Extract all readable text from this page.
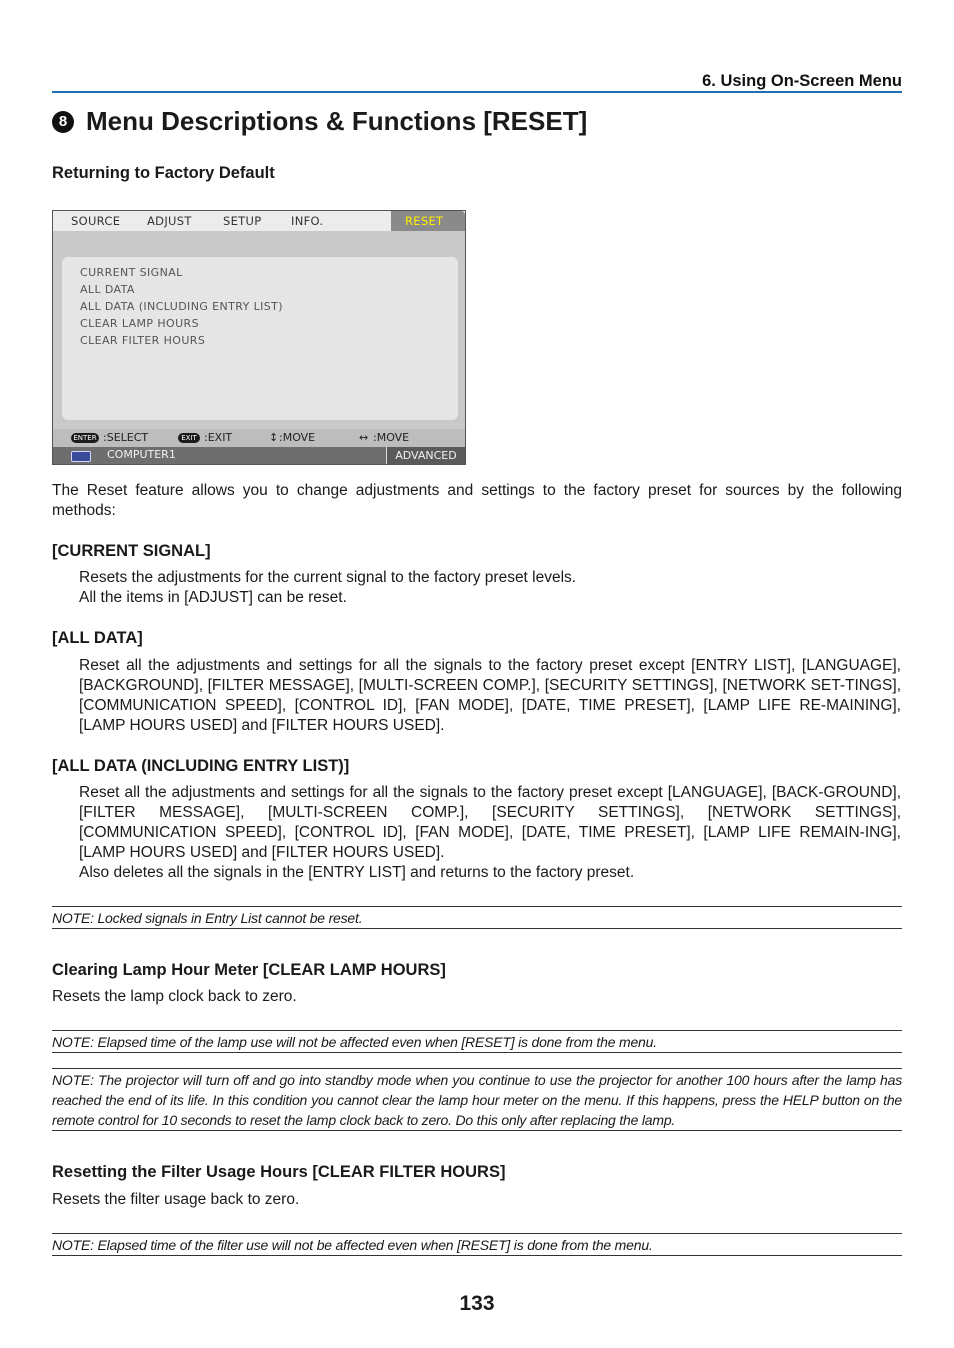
6. Using On-Screen Menu
8 Menu Descriptions & Functions [RESET]
Returning to Factory Default
SOURCE ADJUST	SETUP	INFO.	RESET
CURRENT SIGNAL
ALL DATA
ALL DATA (INCLUDING ENTRY LIST)
CLEAR LAMP HOURS
CLEAR FILTER HOURS
ENTER :SELECT	EXIT :EXIT	↕ :MOVE	↔ :MOVE
COMPUTER1	ADVANCED
The Reset feature allows you to change adjustments and settings to the factory preset for sources by the following methods:
[CURRENT SIGNAL]
Resets the adjustments for the current signal to the factory preset levels.
All the items in [ADJUST] can be reset.
[ALL DATA]
Reset all the adjustments and settings for all the signals to the factory preset except [ENTRY LIST], [LANGUAGE], [BACKGROUND], [FILTER MESSAGE], [MULTI-SCREEN COMP.], [SECURITY SETTINGS], [NETWORK SET-TINGS], [COMMUNICATION SPEED], [CONTROL ID], [FAN MODE], [DATE, TIME PRESET], [LAMP LIFE RE-MAINING], [LAMP HOURS USED] and [FILTER HOURS USED].
[ALL DATA (INCLUDING ENTRY LIST)]
Reset all the adjustments and settings for all the signals to the factory preset except [LANGUAGE], [BACK-GROUND], [FILTER MESSAGE], [MULTI-SCREEN COMP.], [SECURITY SETTINGS], [NETWORK SETTINGS], [COMMUNICATION SPEED], [CONTROL ID], [FAN MODE], [DATE, TIME PRESET], [LAMP LIFE REMAIN-ING], [LAMP HOURS USED] and [FILTER HOURS USED].
Also deletes all the signals in the [ENTRY LIST] and returns to the factory preset.
NOTE: Locked signals in Entry List cannot be reset.
Clearing Lamp Hour Meter [CLEAR LAMP HOURS]
Resets the lamp clock back to zero.
NOTE: Elapsed time of the lamp use will not be affected even when [RESET] is done from the menu.
NOTE: The projector will turn off and go into standby mode when you continue to use the projector for another 100 hours after the lamp has reached the end of its life. In this condition you cannot clear the lamp hour meter on the menu. If this happens, press the HELP button on the remote control for 10 seconds to reset the lamp clock back to zero. Do this only after replacing the lamp.
Resetting the Filter Usage Hours [CLEAR FILTER HOURS]
Resets the filter usage back to zero.
NOTE: Elapsed time of the filter use will not be affected even when [RESET] is done from the menu.
133
